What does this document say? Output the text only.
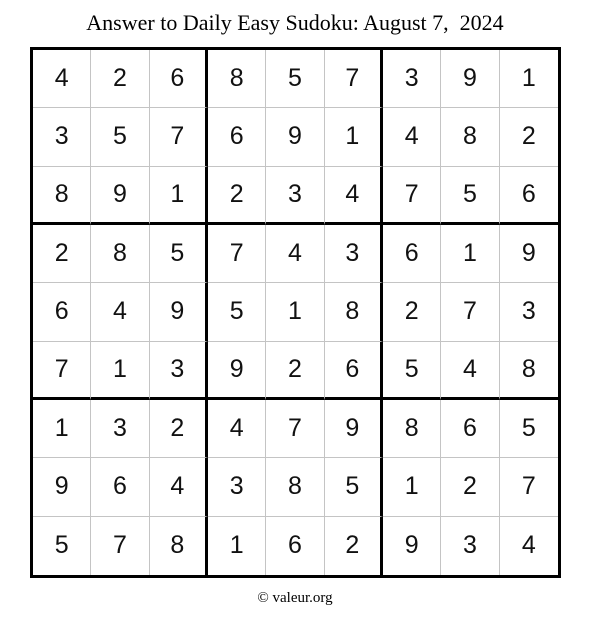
Answer to Daily Easy Sudoku: August 7,  2024
4	2	6	8	5	7	3	9	1
3	5	7	6	9	1	4	8	2
8	9	1	2	3	4	7	5	6
2	8	5	7	4	3	6	1	9
6	4	9	5	1	8	2	7	3
7	1	3	9	2	6	5	4	8
1	3	2	4	7	9	8	6	5
9	6	4	3	8	5	1	2	7
5	7	8	1	6	2	9	3	4
© valeur.org
